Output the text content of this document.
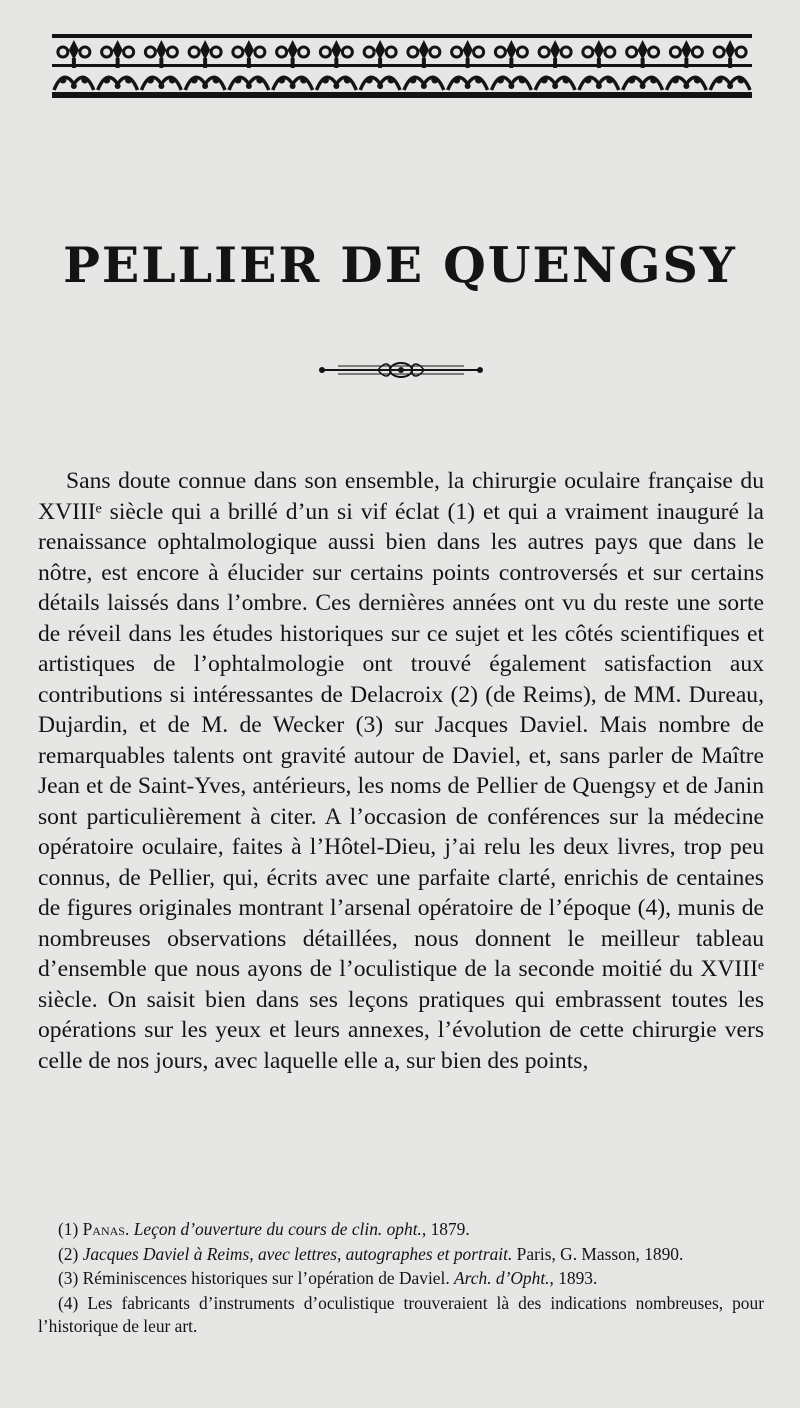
PELLIER DE QUENGSY

Sans doute connue dans son ensemble, la chirurgie oculaire française du XVIIIᵉ siècle qui a brillé d’un si vif éclat (1) et qui a vraiment inauguré la renaissance ophtalmologique aussi bien dans les autres pays que dans le nôtre, est encore à élucider sur certains points controversés et sur certains détails laissés dans l’ombre. Ces dernières années ont vu du reste une sorte de réveil dans les études historiques sur ce sujet et les côtés scientifiques et artistiques de l’ophtalmologie ont trouvé également satisfaction aux contributions si intéressantes de Delacroix (2) (de Reims), de MM. Dureau, Dujardin, et de M. de Wecker (3) sur Jacques Daviel. Mais nombre de remarquables talents ont gravité autour de Daviel, et, sans parler de Maître Jean et de Saint-Yves, antérieurs, les noms de Pellier de Quengsy et de Janin sont particulièrement à citer. A l’occasion de conférences sur la médecine opératoire oculaire, faites à l’Hôtel-Dieu, j’ai relu les deux livres, trop peu connus, de Pellier, qui, écrits avec une parfaite clarté, enrichis de centaines de figures originales montrant l’arsenal opératoire de l’époque (4), munis de nombreuses observations détaillées, nous donnent le meilleur tableau d’ensemble que nous ayons de l’oculistique de la seconde moitié du XVIIIᵉ siècle. On saisit bien dans ses leçons pratiques qui embrassent toutes les opérations sur les yeux et leurs annexes, l’évolution de cette chirurgie vers celle de nos jours, avec laquelle elle a, sur bien des points,

(1) Panas. Leçon d’ouverture du cours de clin. opht., 1879.

(2) Jacques Daviel à Reims, avec lettres, autographes et portrait. Paris, G. Masson, 1890.

(3) Réminiscences historiques sur l’opération de Daviel. Arch. d’Opht., 1893.

(4) Les fabricants d’instruments d’oculistique trouveraient là des indications nombreuses, pour l’historique de leur art.
